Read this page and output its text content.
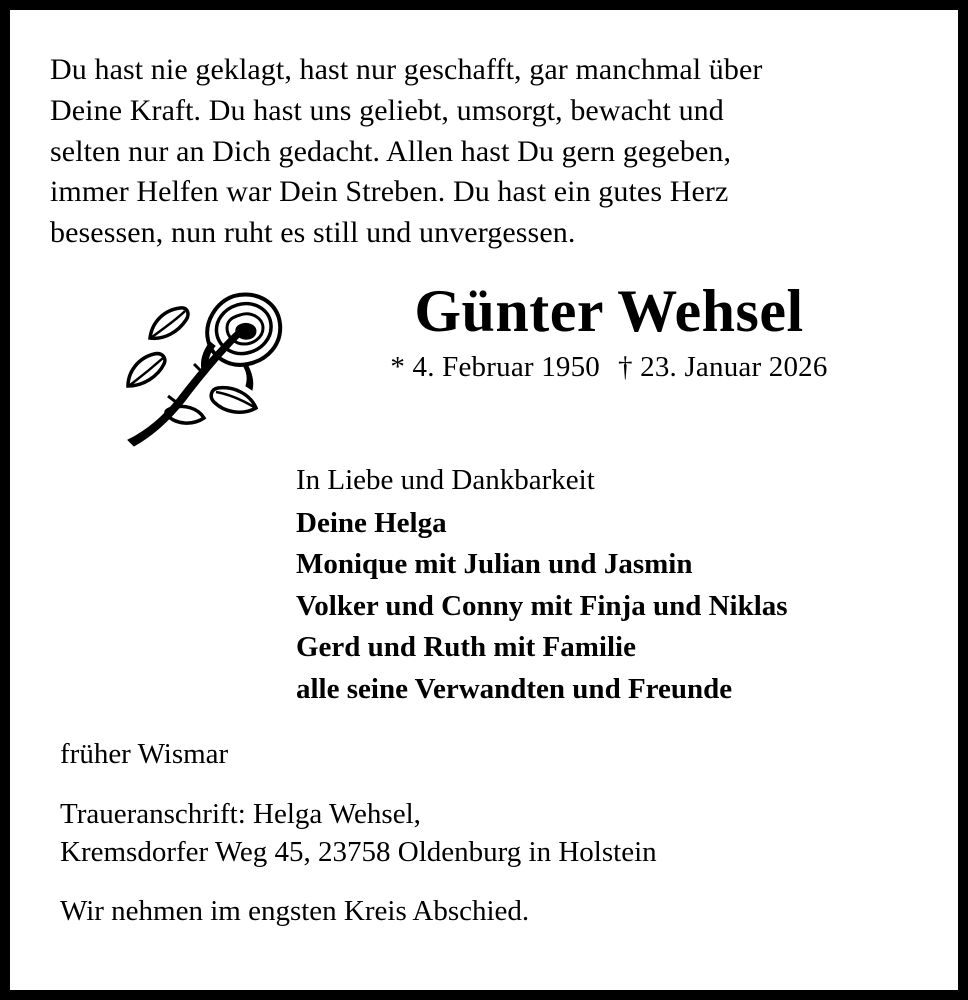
Du hast nie geklagt, hast nur geschafft, gar manchmal über
Deine Kraft. Du hast uns geliebt, umsorgt, bewacht und
selten nur an Dich gedacht. Allen hast Du gern gegeben,
immer Helfen war Dein Streben. Du hast ein gutes Herz
besessen, nun ruht es still und unvergessen.
Günter Wehsel
* 4. Februar 1950 † 23. Januar 2026
In Liebe und Dankbarkeit
Deine Helga
Monique mit Julian und Jasmin
Volker und Conny mit Finja und Niklas
Gerd und Ruth mit Familie
alle seine Verwandten und Freunde
früher Wismar
Traueranschrift: Helga Wehsel,
Kremsdorfer Weg 45, 23758 Oldenburg in Holstein
Wir nehmen im engsten Kreis Abschied.
